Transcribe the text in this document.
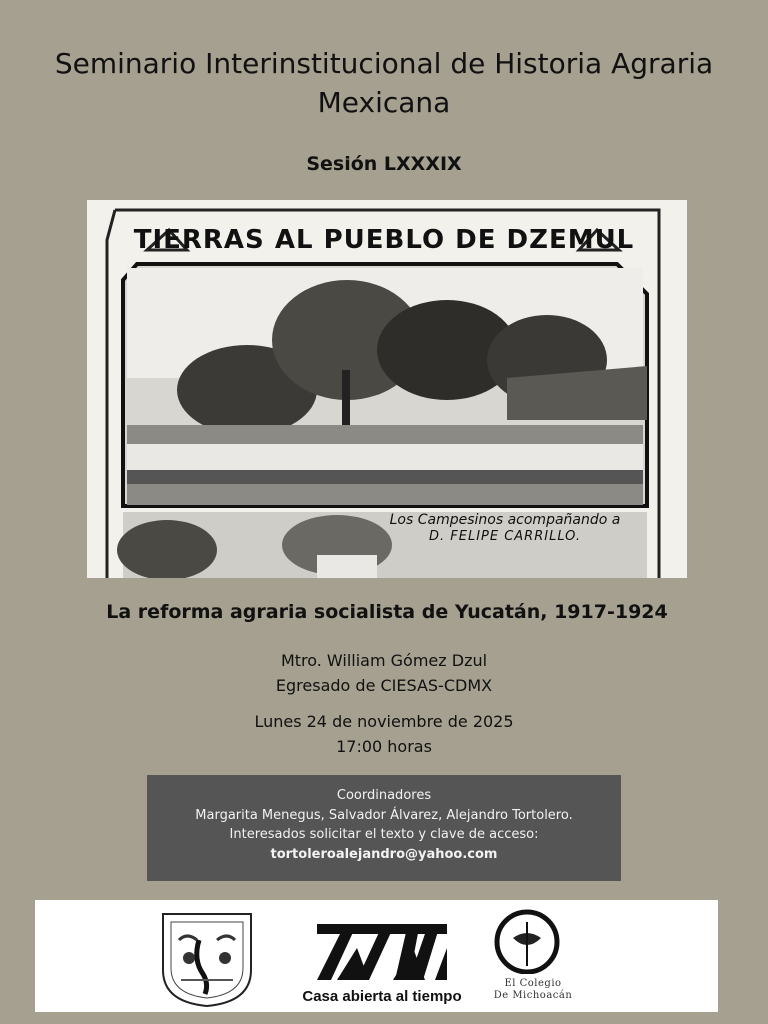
Seminario Interinstitucional de Historia Agraria
Mexicana
Sesión LXXXIX
TIERRAS AL PUEBLO DE DZEMUL
Los Campesinos acompañando a
D. FELIPE CARRILLO.
La reforma agraria socialista de Yucatán, 1917-1924
Mtro. William Gómez Dzul
Egresado de CIESAS-CDMX
Lunes 24 de noviembre de 2025
17:00 horas
Coordinadores
Margarita Menegus, Salvador Álvarez, Alejandro Tortolero.
Interesados solicitar el texto y clave de acceso:
tortoleroalejandro@yahoo.com
Casa abierta al tiempo
El Colegio
De Michoacán
